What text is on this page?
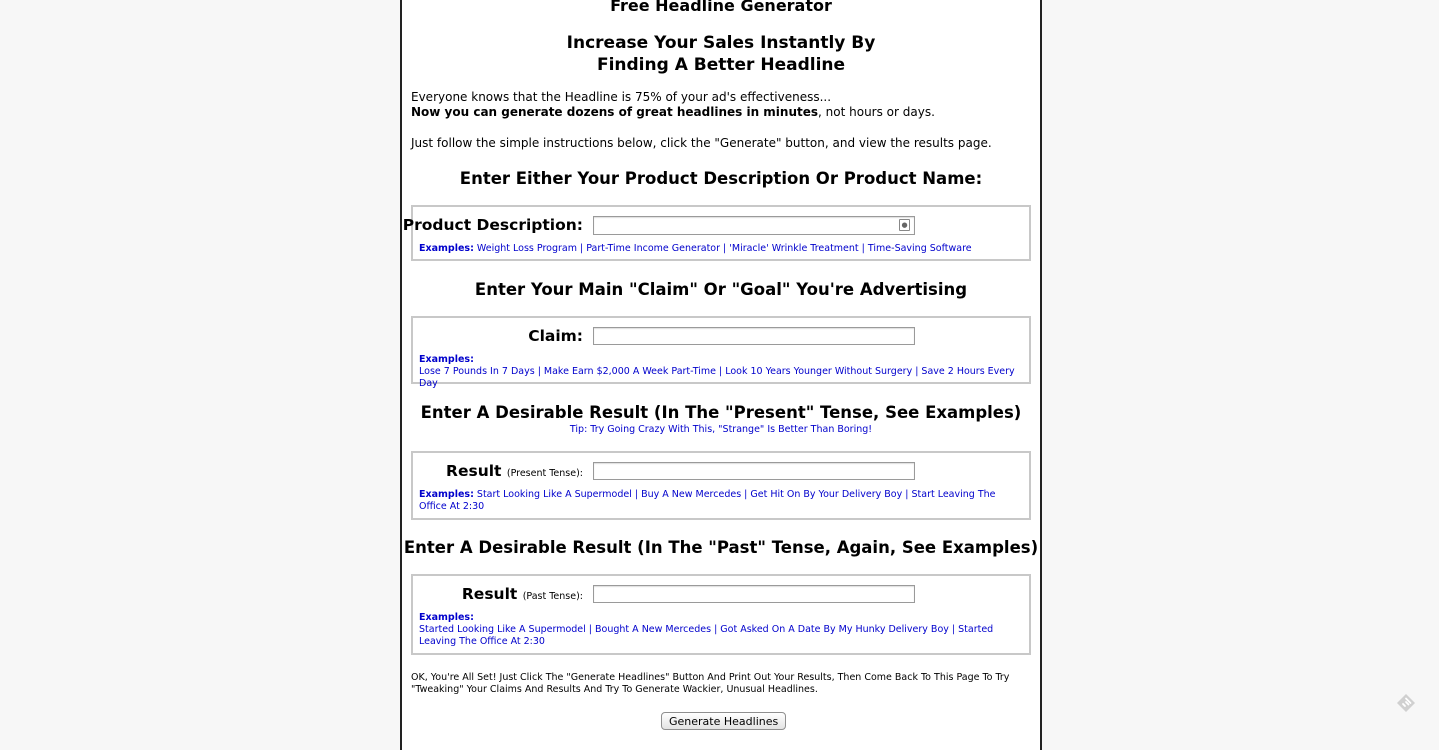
Free Headline Generator
Increase Your Sales Instantly By
Finding A Better Headline
Everyone knows that the Headline is 75% of your ad's effectiveness...
Now you can generate dozens of great headlines in minutes, not hours or days.
Just follow the simple instructions below, click the "Generate" button, and view the results page.
Enter Either Your Product Description Or Product Name:
Product Description:	●
Examples: Weight Loss Program | Part-Time Income Generator | 'Miracle' Wrinkle Treatment | Time-Saving Software
Enter Your Main "Claim" Or "Goal" You're Advertising
Claim:
Examples:
Lose 7 Pounds In 7 Days | Make Earn $2,000 A Week Part-Time | Look 10 Years Younger Without Surgery | Save 2 Hours Every Day
Enter A Desirable Result (In The "Present" Tense, See Examples)
Tip: Try Going Crazy With This, "Strange" Is Better Than Boring!
Result (Present Tense):
Examples: Start Looking Like A Supermodel | Buy A New Mercedes | Get Hit On By Your Delivery Boy | Start Leaving The Office At 2:30
Enter A Desirable Result (In The "Past" Tense, Again, See Examples)
Result (Past Tense):
Examples:
Started Looking Like A Supermodel | Bought A New Mercedes | Got Asked On A Date By My Hunky Delivery Boy | Started Leaving The Office At 2:30
OK, You're All Set! Just Click The "Generate Headlines" Button And Print Out Your Results, Then Come Back To This Page To Try "Tweaking" Your Claims And Results And Try To Generate Wackier, Unusual Headlines.
Generate Headlines
